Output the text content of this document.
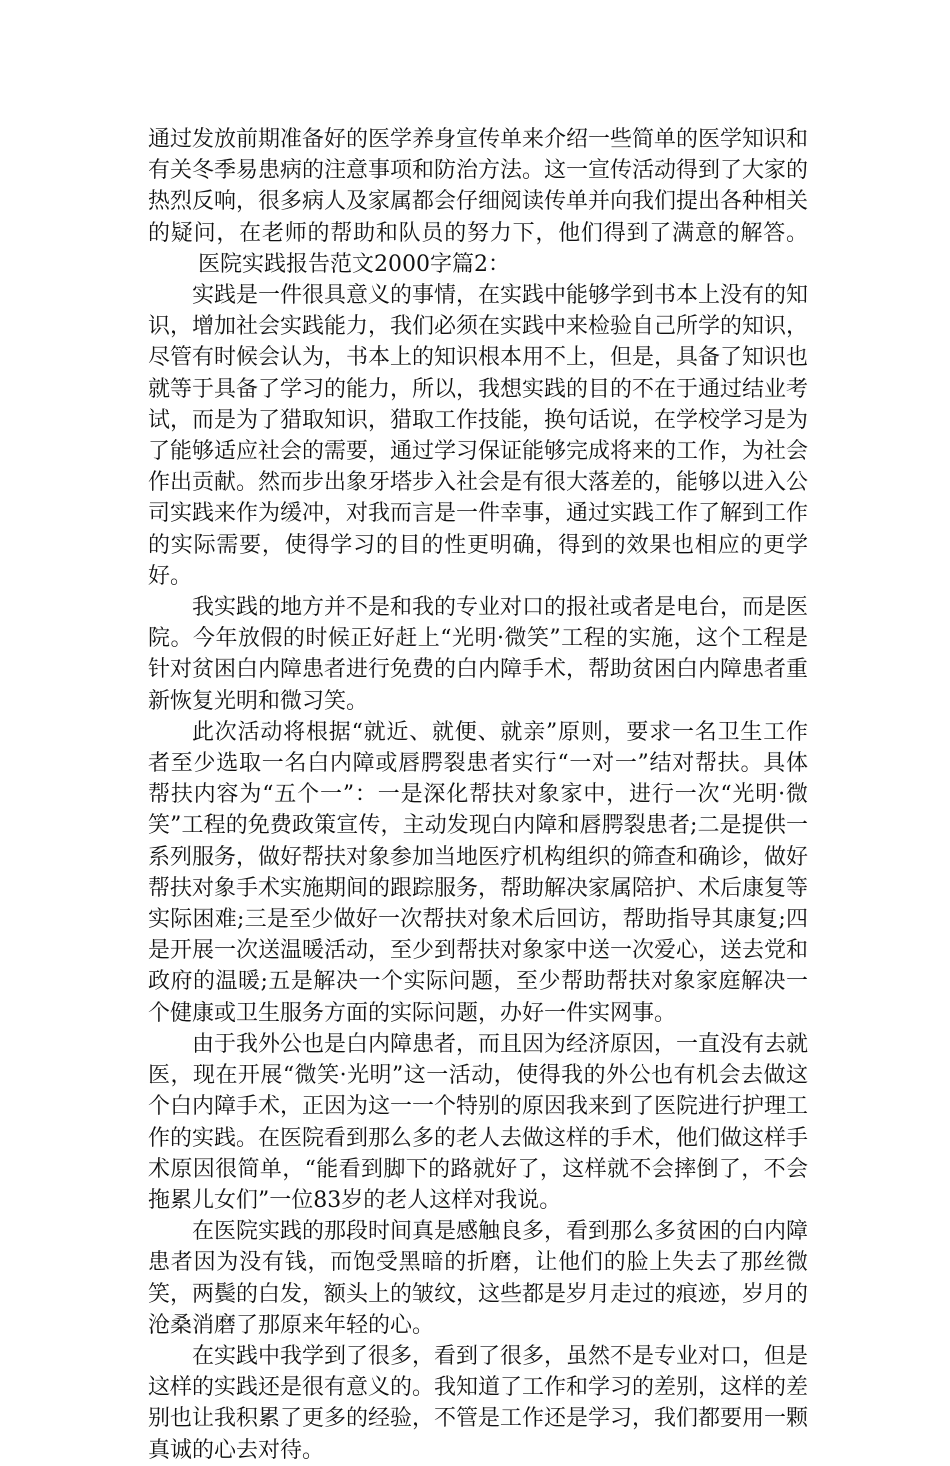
通过发放前期准备好的医学养身宣传单来介绍一些简单的医学知识和有关冬季易患病的注意事项和防治方法。这一宣传活动得到了大家的热烈反响，很多病人及家属都会仔细阅读传单并向我们提出各种相关的疑问，在老师的帮助和队员的努力下，他们得到了满意的解答。医院实践报告范文2000字篇2：

实践是一件很具意义的事情，在实践中能够学到书本上没有的知识，增加社会实践能力，我们必须在实践中来检验自己所学的知识，尽管有时候会认为，书本上的知识根本用不上，但是，具备了知识也就等于具备了学习的能力，所以，我想实践的目的不在于通过结业考试，而是为了猎取知识，猎取工作技能，换句话说，在学校学习是为了能够适应社会的需要，通过学习保证能够完成将来的工作，为社会作出贡献。然而步出象牙塔步入社会是有很大落差的，能够以进入公司实践来作为缓冲，对我而言是一件幸事，通过实践工作了解到工作的实际需要，使得学习的目的性更明确，得到的效果也相应的更学好。

我实践的地方并不是和我的专业对口的报社或者是电台，而是医院。今年放假的时候正好赶上“光明·微笑”工程的实施，这个工程是针对贫困白内障患者进行免费的白内障手术，帮助贫困白内障患者重新恢复光明和微习笑。

此次活动将根据“就近、就便、就亲”原则，要求一名卫生工作者至少选取一名白内障或唇腭裂患者实行“一对一”结对帮扶。具体帮扶内容为“五个一”：一是深化帮扶对象家中，进行一次“光明·微笑”工程的免费政策宣传，主动发现白内障和唇腭裂患者;二是提供一系列服务，做好帮扶对象参加当地医疗机构组织的筛查和确诊，做好帮扶对象手术实施期间的跟踪服务，帮助解决家属陪护、术后康复等实际困难;三是至少做好一次帮扶对象术后回访，帮助指导其康复;四是开展一次送温暖活动，至少到帮扶对象家中送一次爱心，送去党和政府的温暖;五是解决一个实际问题，至少帮助帮扶对象家庭解决一个健康或卫生服务方面的实际问题，办好一件实网事。

由于我外公也是白内障患者，而且因为经济原因，一直没有去就医，现在开展“微笑·光明”这一活动，使得我的外公也有机会去做这个白内障手术，正因为这一一个特别的原因我来到了医院进行护理工作的实践。在医院看到那么多的老人去做这样的手术，他们做这样手术原因很简单，“能看到脚下的路就好了，这样就不会摔倒了，不会拖累儿女们”一位83岁的老人这样对我说。

在医院实践的那段时间真是感触良多，看到那么多贫困的白内障患者因为没有钱，而饱受黑暗的折磨，让他们的脸上失去了那丝微笑，两鬓的白发，额头上的皱纹，这些都是岁月走过的痕迹，岁月的沧桑消磨了那原来年轻的心。

在实践中我学到了很多，看到了很多，虽然不是专业对口，但是这样的实践还是很有意义的。我知道了工作和学习的差别，这样的差别也让我积累了更多的经验，不管是工作还是学习，我们都要用一颗真诚的心去对待。
